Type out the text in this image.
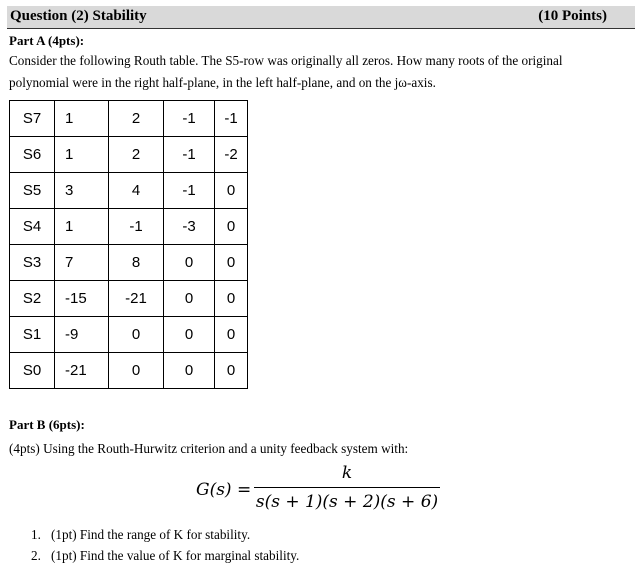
Question (2) Stability	(10 Points)
Part A (4pts):
Consider the following Routh table. The S5-row was originally all zeros. How many roots of the original
polynomial were in the right half-plane, in the left half-plane, and on the jω-axis.
S7	1	2	-1	-1
S6	1	2	-1	-2
S5	3	4	-1	0
S4	1	-1	-3	0
S3	7	8	0	0
S2	-15	-21	0	0
S1	-9	0	0	0
S0	-21	0	0	0
Part B (6pts):
(4pts) Using the Routh-Hurwitz criterion and a unity feedback system with:
G(s) =
k
s(s + 1)(s + 2)(s + 6)
1. (1pt) Find the range of K for stability.
2. (1pt) Find the value of K for marginal stability.
